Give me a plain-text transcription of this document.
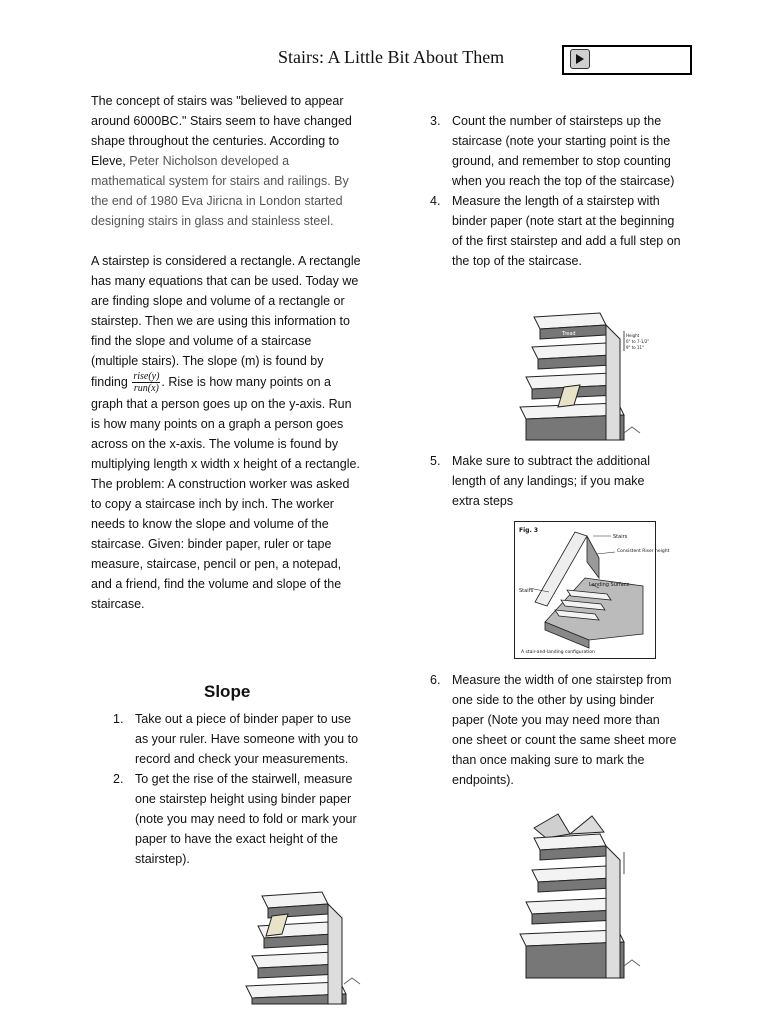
Stairs: A Little Bit About Them

The concept of stairs was "believed to appear around 6000BC." Stairs seem to have changed shape throughout the centuries. According to Eleve, Peter Nicholson developed a mathematical system for stairs and railings. By the end of 1980 Eva Jiricna in London started designing stairs in glass and stainless steel.

A stairstep is considered a rectangle. A rectangle has many equations that can be used. Today we are finding slope and volume of a rectangle or stairstep. Then we are using this information to find the slope and volume of a staircase (multiple stairs). The slope (m) is found by finding $\frac{\text{rise(y)}}{\text{run(x)}}$ . Rise is how many points on a graph that a person goes up on the y-axis. Run is how many points on a graph a person goes across on the x-axis. The volume is found by multiplying length x width x height of a rectangle.

The problem: A construction worker was asked to copy a staircase inch by inch. The worker needs to know the slope and volume of the staircase. Given: binder paper, ruler or tape measure, staircase, pencil or pen, a notepad, and a friend, find the volume and slope of the staircase.

Slope
1. Take out a piece of binder paper to use as your ruler. Have someone with you to record and check your measurements.
2. To get the rise of the stairwell, measure one stairstep height using binder paper (note you may need to fold or mark your paper to have the exact height of the stairstep).
3. Count the number of stairsteps up the staircase (note your starting point is the ground, and remember to stop counting when you reach the top of the staircase)
4. Measure the length of a stairstep with binder paper (note start at the beginning of the first stairstep and add a full step on the top of the staircase.
5. Make sure to subtract the additional length of any landings; if you make extra steps
6. Measure the width of one stairstep from one side to the other by using binder paper (Note you may need more than one sheet or count the same sheet more than once making sure to mark the endpoints).
Riser
Tread	Height
6" to 7-1/2"
9" to 11"
Fig. 3
Stairs
Consistent Riser height
Landing Surface
Stairs
A stair-and-landing configuration
